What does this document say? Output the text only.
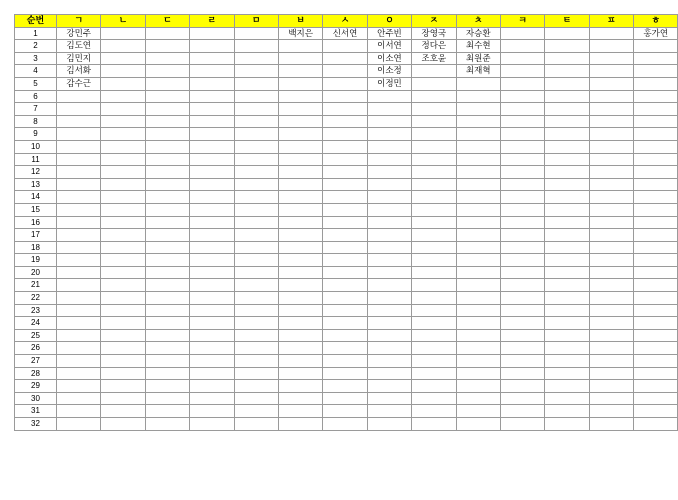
순번	ㄱ	ㄴ	ㄷ	ㄹ	ㅁ	ㅂ	ㅅ	ㅇ	ㅈ	ㅊ	ㅋ	ㅌ	ㅍ	ㅎ
1	강민주					백지은	신서연	안주빈	장영국	자승환				홍가연
2	김도연							이서연	정다은	최수현				
3	김민지							이소연	조호윤	최원준				
4	김서화							이소정		최재혁				
5	감수근							이정민						
6														
7														
8														
9														
10														
11														
12														
13														
14														
15														
16														
17														
18														
19														
20														
21														
22														
23														
24														
25														
26														
27														
28														
29														
30														
31														
32														
